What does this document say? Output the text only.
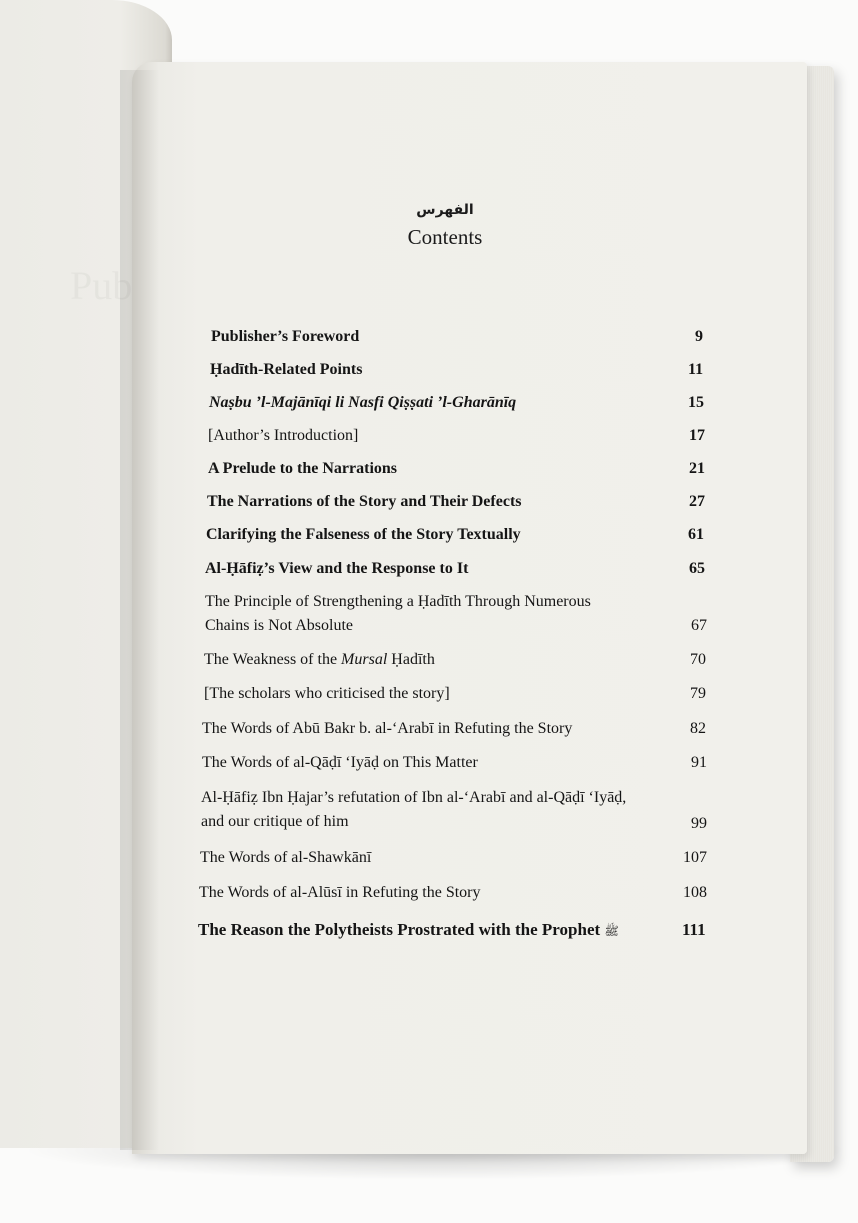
الفهرس
Contents
Publisher’s Foreword	9
Ḥadīth-Related Points	11
Naṣbu ’l-Majānīqi li Nasfi Qiṣṣati ’l-Gharānīq	15
[Author’s Introduction]	17
A Prelude to the Narrations	21
The Narrations of the Story and Their Defects	27
Clarifying the Falseness of the Story Textually	61
Al-Ḥāfiẓ’s View and the Response to It	65
The Principle of Strengthening a Ḥadīth Through Numerous
Chains is Not Absolute	67
The Weakness of the Mursal Ḥadīth	70
[The scholars who criticised the story]	79
The Words of Abū Bakr b. al-‘Arabī in Refuting the Story	82
The Words of al-Qāḍī ‘Iyāḍ on This Matter	91
Al-Ḥāfiẓ Ibn Ḥajar’s refutation of Ibn al-‘Arabī and al-Qāḍī ‘Iyāḍ,
and our critique of him	99
The Words of al-Shawkānī	107
The Words of al-Alūsī in Refuting the Story	108
The Reason the Polytheists Prostrated with the Prophet ﷺ	111
